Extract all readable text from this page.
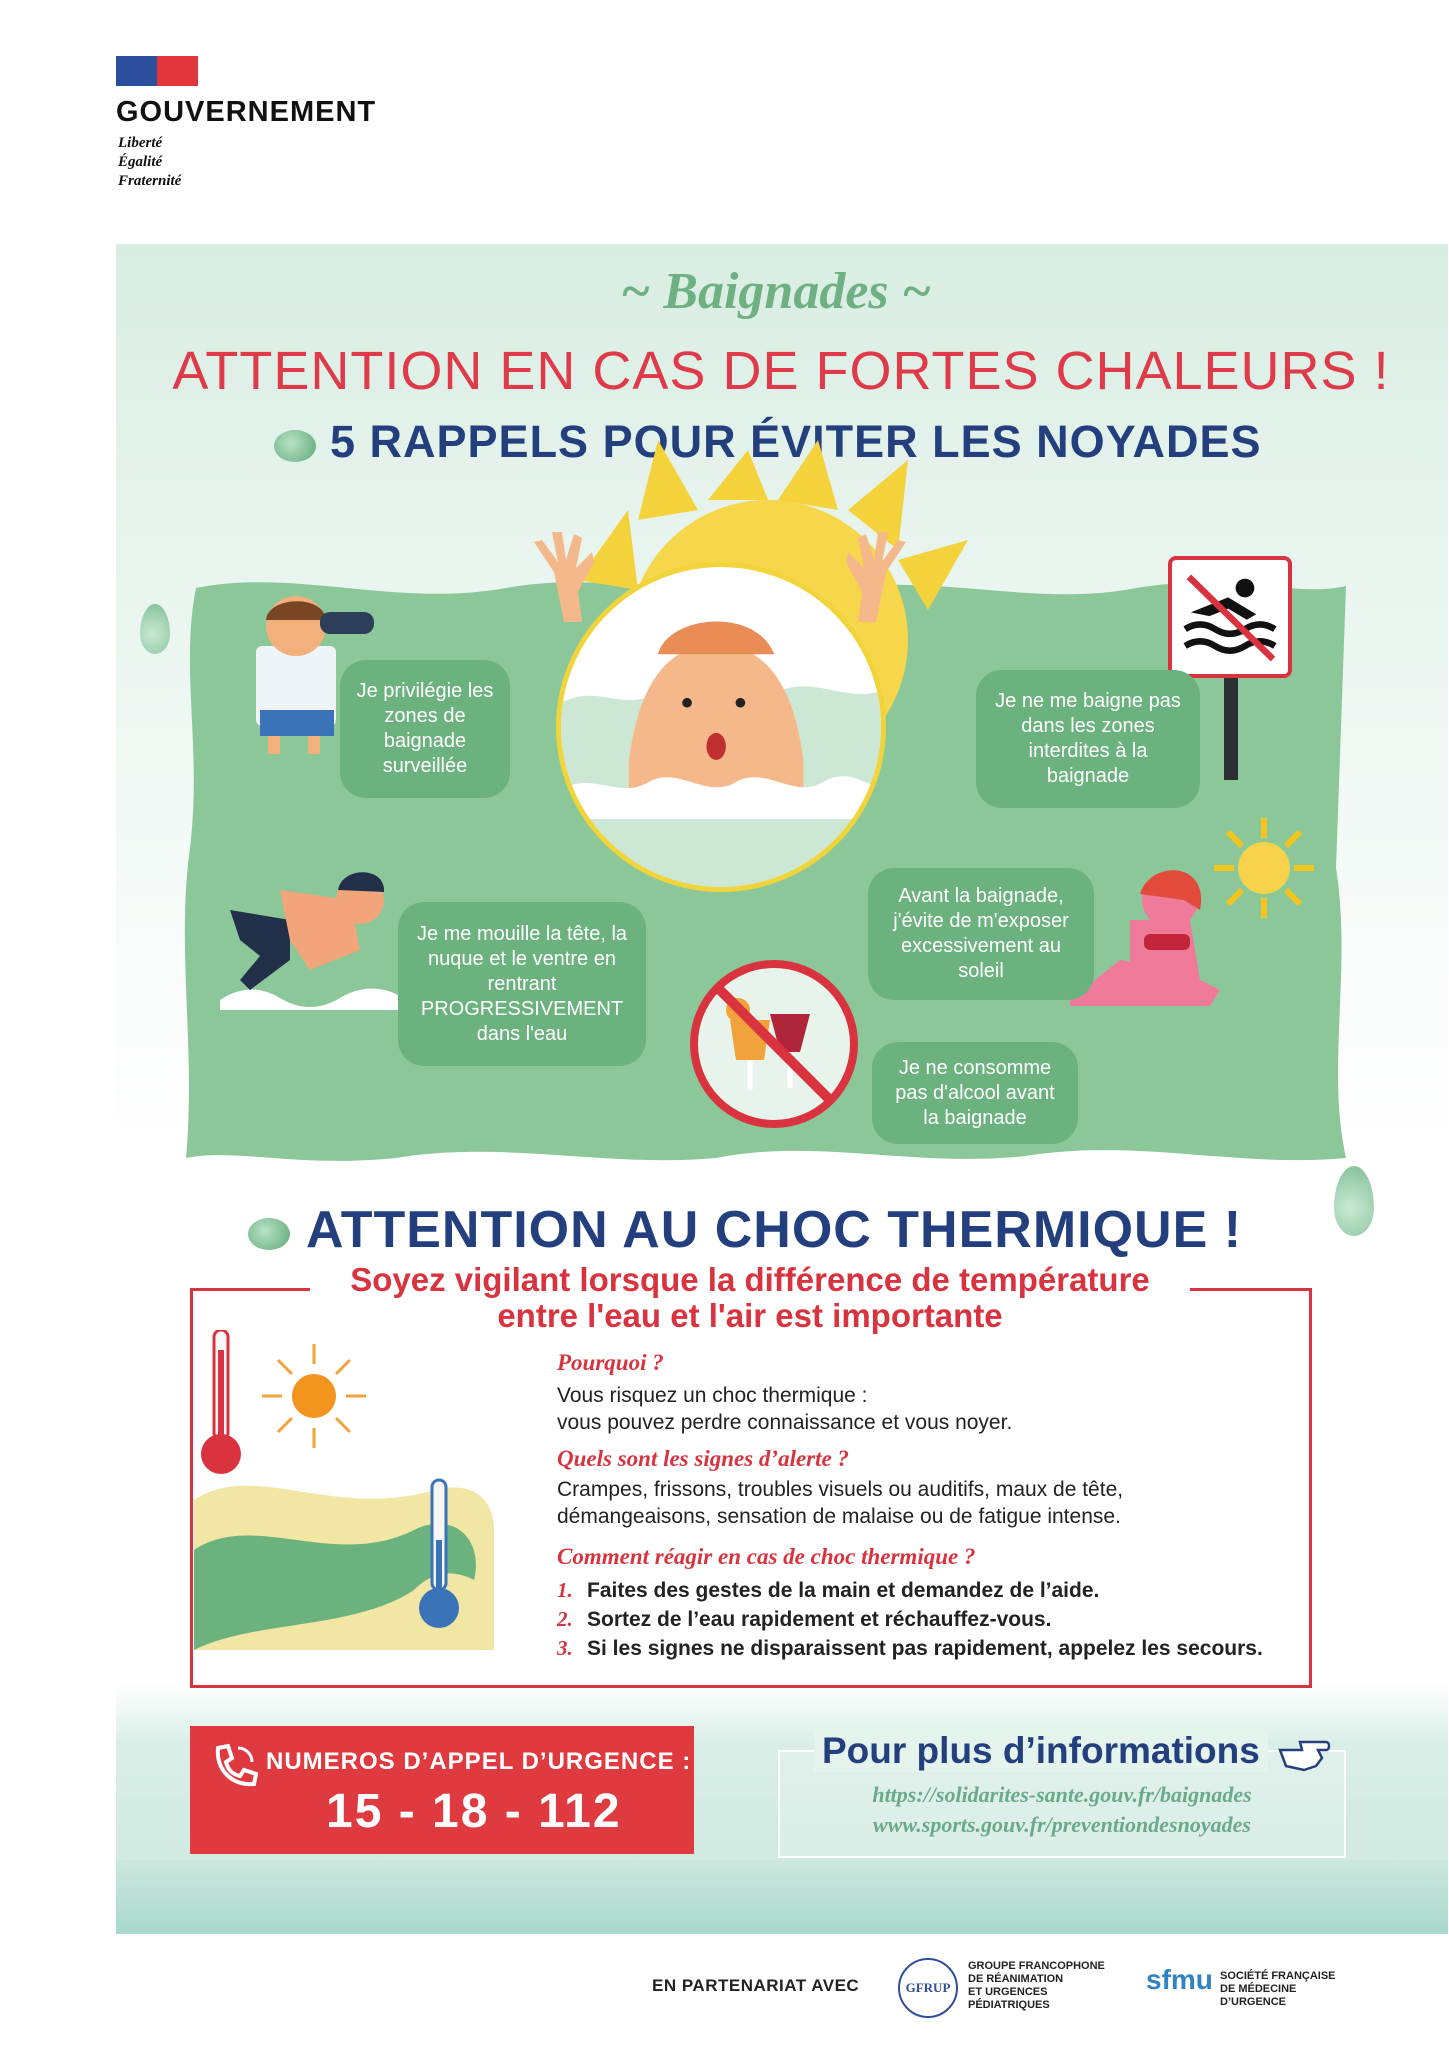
GOUVERNEMENT
Liberté
Égalité
Fraternité
~ Baignades ~
ATTENTION EN CAS DE FORTES CHALEURS !
5 RAPPELS POUR ÉVITER LES NOYADES
Je privilégie les zones de baignade surveillée
Je ne me baigne pas dans les zones interdites à la baignade
Je me mouille la tête, la nuque et le ventre en rentrant PROGRESSIVEMENT dans l'eau
Avant la baignade, j'évite de m'exposer excessivement au soleil
Je ne consomme pas d'alcool avant la baignade
ATTENTION AU CHOC THERMIQUE !
Soyez vigilant lorsque la différence de température
entre l'eau et l'air est importante
Pourquoi ?
Vous risquez un choc thermique :
vous pouvez perdre connaissance et vous noyer.
Quels sont les signes d’alerte ?
Crampes, frissons, troubles visuels ou auditifs, maux de tête,
démangeaisons, sensation de malaise ou de fatigue intense.
Comment réagir en cas de choc thermique ?
1. Faites des gestes de la main et demandez de l’aide.
2. Sortez de l’eau rapidement et réchauffez-vous.
3. Si les signes ne disparaissent pas rapidement, appelez les secours.
NUMEROS D’APPEL D’URGENCE :
15 - 18 - 112
Pour plus d’informations
https://solidarites-sante.gouv.fr/baignades
www.sports.gouv.fr/preventiondesnoyades
EN PARTENARIAT AVEC	GFRUP
GROUPE FRANCOPHONE
DE RÉANIMATION
ET URGENCES
PÉDIATRIQUES
sfmu SOCIÉTÉ FRANÇAISE
DE MÉDECINE
D’URGENCE
